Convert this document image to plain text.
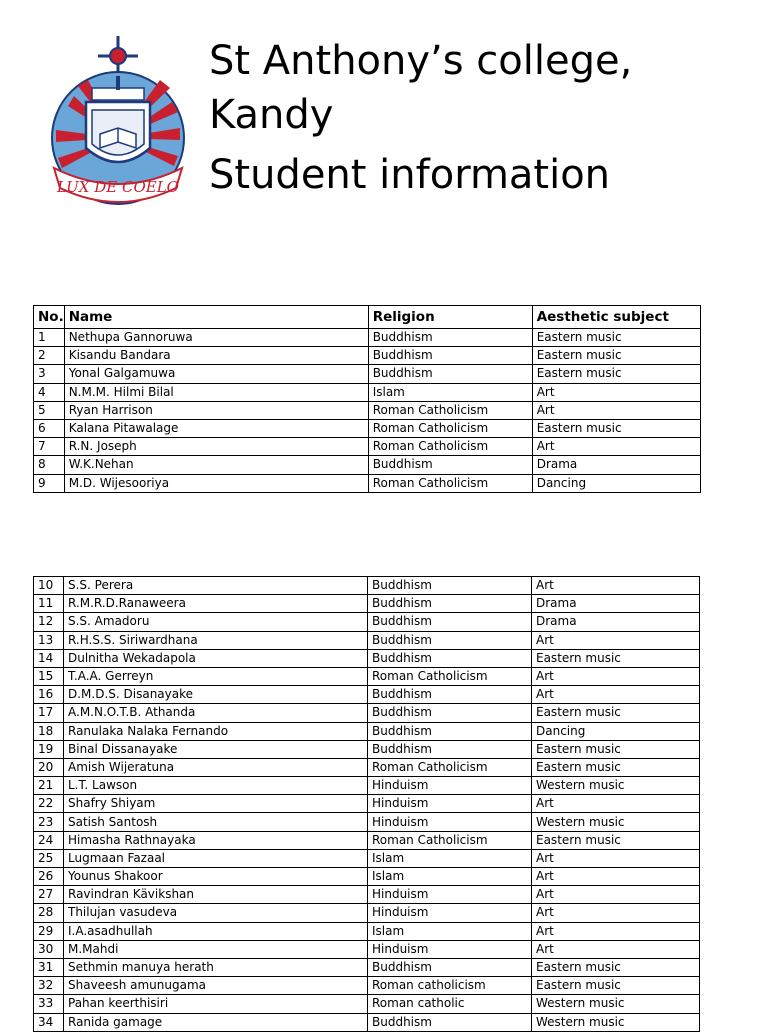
LUX DE COELO
St Anthony’s college,
Kandy
Student information
No.	Name	Religion	Aesthetic subject
1	Nethupa Gannoruwa	Buddhism	Eastern music
2	Kisandu Bandara	Buddhism	Eastern music
3	Yonal Galgamuwa	Buddhism	Eastern music
4	N.M.M. Hilmi Bilal	Islam	Art
5	Ryan Harrison	Roman Catholicism	Art
6	Kalana Pitawalage	Roman Catholicism	Eastern music
7	R.N. Joseph	Roman Catholicism	Art
8	W.K.Nehan	Buddhism	Drama
9	M.D. Wijesooriya	Roman Catholicism	Dancing
10	S.S. Perera	Buddhism	Art
11	R.M.R.D.Ranaweera	Buddhism	Drama
12	S.S. Amadoru	Buddhism	Drama
13	R.H.S.S. Siriwardhana	Buddhism	Art
14	Dulnitha Wekadapola	Buddhism	Eastern music
15	T.A.A. Gerreyn	Roman Catholicism	Art
16	D.M.D.S. Disanayake	Buddhism	Art
17	A.M.N.O.T.B. Athanda	Buddhism	Eastern music
18	Ranulaka Nalaka Fernando	Buddhism	Dancing
19	Binal Dissanayake	Buddhism	Eastern music
20	Amish Wijeratuna	Roman Catholicism	Eastern music
21	L.T. Lawson	Hinduism	Western music
22	Shafry Shiyam	Hinduism	Art
23	Satish Santosh	Hinduism	Western music
24	Himasha Rathnayaka	Roman Catholicism	Eastern music
25	Lugmaan Fazaal	Islam	Art
26	Younus Shakoor	Islam	Art
27	Ravindran Kävikshan	Hinduism	Art
28	Thilujan vasudeva	Hinduism	Art
29	I.A.asadhullah	Islam	Art
30	M.Mahdi	Hinduism	Art
31	Sethmin manuya herath	Buddhism	Eastern music
32	Shaveesh amunugama	Roman catholicism	Eastern music
33	Pahan keerthisiri	Roman catholic	Western music
34	Ranida gamage	Buddhism	Western music
